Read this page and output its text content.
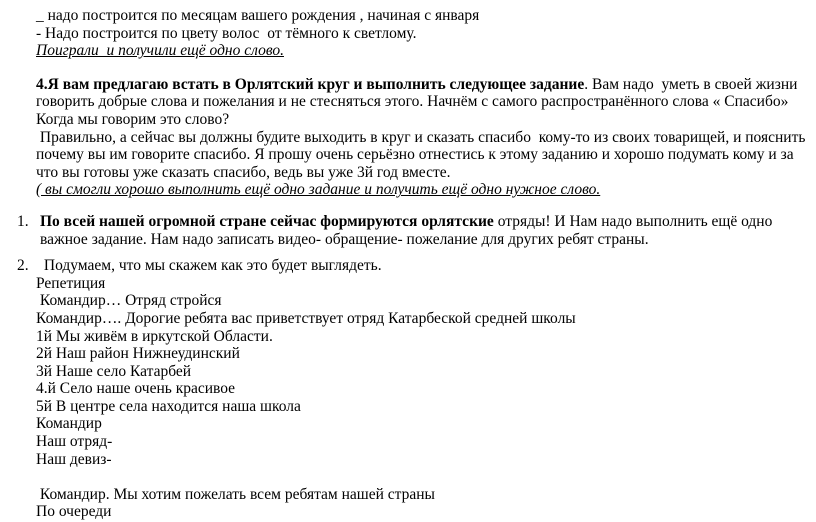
_ надо построится по месяцам вашего рождения , начиная с января
- Надо построится по цвету волос  от тёмного к светлому.
Поиграли  и получили ещё одно слово.
4.Я вам предлагаю встать в Орлятский круг и выполнить следующее задание. Вам надо  уметь в своей жизни говорить добрые слова и пожелания и не стесняться этого. Начнём с самого распространённого слова « Спасибо» Когда мы говорим это слово?
Правильно, а сейчас вы должны будите выходить в круг и сказать спасибо  кому-то из своих товарищей, и пояснить почему вы им говорите спасибо. Я прошу очень серьёзно отнестись к этому заданию и хорошо подумать кому и за что вы готовы уже сказать спасибо, ведь вы уже 3й год вместе.
( вы смогли хорошо выполнить ещё одно задание и получить ещё одно нужное слово.
1. По всей нашей огромной стране сейчас формируются орлятские отряды! И Нам надо выполнить ещё одно важное задание. Нам надо записать видео- обращение- пожелание для других ребят страны.
2. Подумаем, что мы скажем как это будет выглядеть.
Репетиция
Командир… Отряд стройся
Командир…. Дорогие ребята вас приветствует отряд Катарбеской средней школы
1й Мы живём в иркутской Области.
2й Наш район Нижнеудинский
3й Наше село Катарбей
4.й Село наше очень красивое
5й В центре села находится наша школа
Командир
Наш отряд-
Наш девиз-
Командир. Мы хотим пожелать всем ребятам нашей страны
По очереди
